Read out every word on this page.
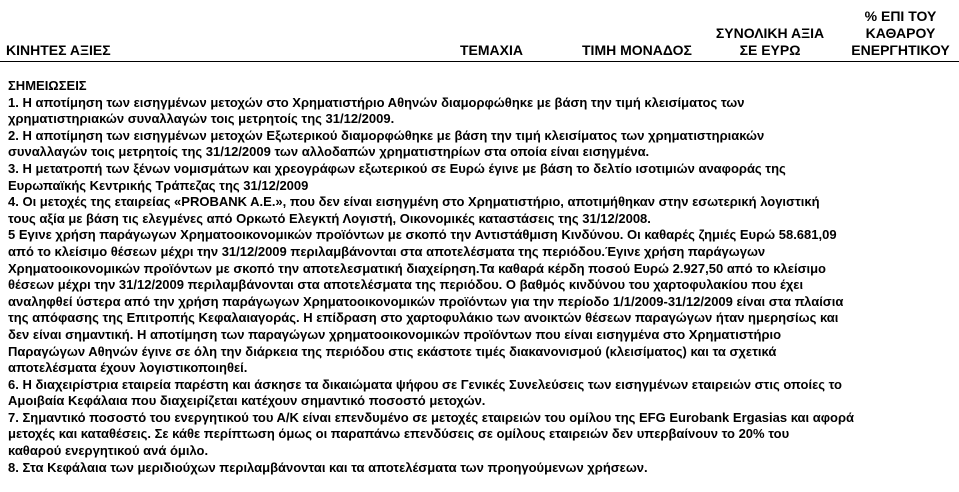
ΚΙΝΗΤΕΣ ΑΞΙΕΣ	ΤΕΜΑΧΙΑ	ΤΙΜΗ ΜΟΝΑΔΟΣ
ΣΥΝΟΛΙΚΗ ΑΞΙΑ
ΣΕ ΕΥΡΩ
% ΕΠΙ ΤΟΥ
ΚΑΘΑΡΟΥ
ΕΝΕΡΓΗΤΙΚΟΥ
ΣΗΜΕΙΩΣΕΙΣ
1. Η αποτίμηση των εισηγμένων μετοχών στο Χρηματιστήριο Αθηνών διαμορφώθηκε με βάση την τιμή κλεισίματος των
χρηματιστηριακών συναλλαγών τοις μετρητοίς της 31/12/2009.
2. Η αποτίμηση των εισηγμένων μετοχών Εξωτερικού διαμορφώθηκε με βάση την τιμή κλεισίματος των χρηματιστηριακών
συναλλαγών τοις μετρητοίς της 31/12/2009 των αλλοδαπών χρηματιστηρίων στα οποία είναι εισηγμένα.
3. Η μετατροπή των ξένων νομισμάτων και χρεογράφων εξωτερικού σε Ευρώ έγινε με βάση το δελτίο ισοτιμιών αναφοράς της
Ευρωπαϊκής Κεντρικής Τράπεζας της 31/12/2009
4. Οι μετοχές της εταιρείας «PROBANK A.E.», που δεν είναι εισηγμένη στο Χρηματιστήριο, αποτιμήθηκαν στην εσωτερική λογιστική
τους αξία με βάση τις ελεγμένες από Ορκωτό Ελεγκτή Λογιστή, Οικονομικές καταστάσεις της 31/12/2008.
5 Εγινε χρήση παράγωγων Χρηματοοικονομικών προϊόντων με σκοπό την Αντιστάθμιση Κινδύνου. Οι καθαρές ζημιές Ευρώ 58.681,09
από το κλείσιμο θέσεων μέχρι την 31/12/2009 περιλαμβάνονται στα αποτελέσματα της περιόδου.Έγινε χρήση παράγωγων
Χρηματοοικονομικών προϊόντων με σκοπό την αποτελεσματική διαχείρηση.Τα καθαρά κέρδη ποσού Ευρώ 2.927,50 από το κλείσιμο
θέσεων μέχρι την 31/12/2009 περιλαμβάνονται στα αποτελέσματα της περιόδου. Ο βαθμός κινδύνου του χαρτοφυλακίου που έχει
αναληφθεί ύστερα από την χρήση παράγωγων Χρηματοοικονομικών προϊόντων για την περίοδο 1/1/2009-31/12/2009 είναι στα πλαίσια
της απόφασης της Επιτροπής Κεφαλαιαγοράς. Η επίδραση στο χαρτοφυλάκιο των ανοικτών θέσεων παραγώγων ήταν ημερησίως και
δεν είναι σημαντική. Η αποτίμηση των παραγώγων χρηματοοικονομικών προϊόντων που είναι εισηγμένα στο Χρηματιστήριο
Παραγώγων Αθηνών έγινε σε όλη την διάρκεια της περιόδου στις εκάστοτε τιμές διακανονισμού (κλεισίματος) και τα σχετικά
αποτελέσματα έχουν λογιστικοποιηθεί.
6. Η διαχειρίστρια εταιρεία παρέστη και άσκησε τα δικαιώματα ψήφου σε Γενικές Συνελεύσεις των εισηγμένων εταιρειών στις οποίες το
Αμοιβαία Κεφάλαια που διαχειρίζεται κατέχουν σημαντικό ποσοστό μετοχών.
7. Σημαντικό ποσοστό του ενεργητικού του Α/Κ είναι επενδυμένο σε μετοχές εταιρειών του ομίλου της EFG Eurobank Ergasias και αφορά
μετοχές και καταθέσεις. Σε κάθε περίπτωση όμως οι παραπάνω επενδύσεις σε ομίλους εταιρειών δεν υπερβαίνουν το 20% του
καθαρού ενεργητικού ανά όμιλο.
8. Στα Κεφάλαια των μεριδιούχων περιλαμβάνονται και τα αποτελέσματα των προηγούμενων χρήσεων.
